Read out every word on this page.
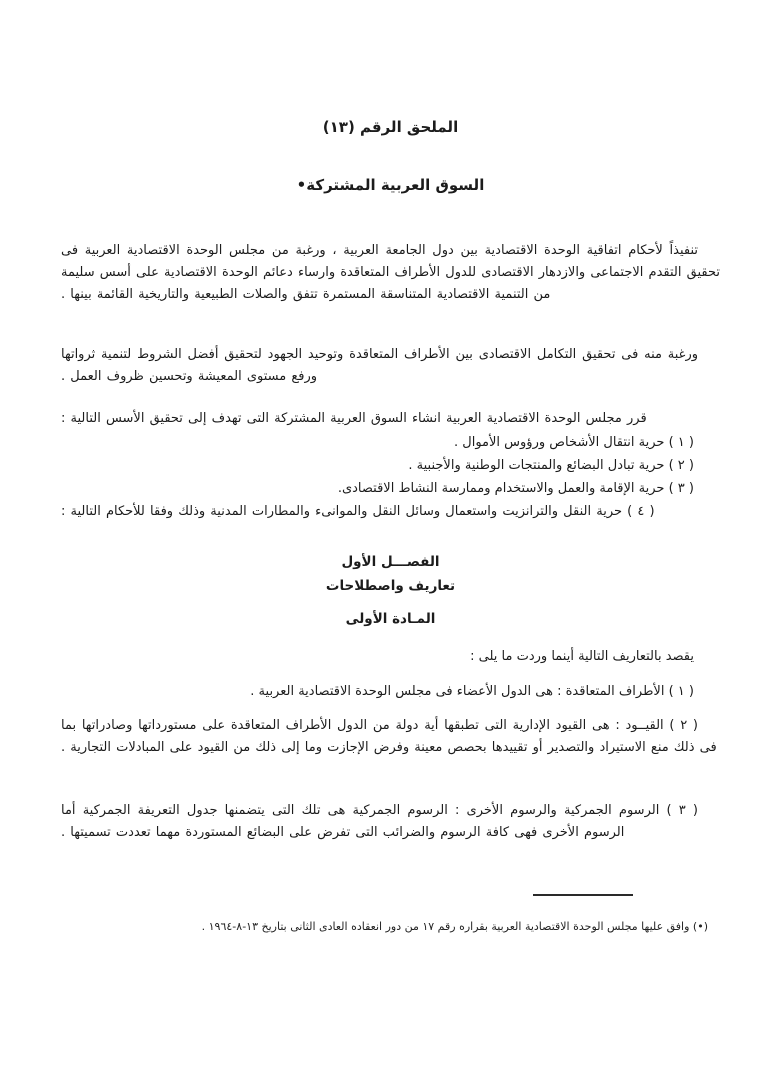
الملحق الرقم (١٣)
السوق العربية المشتركة•
تنفيذاً لأحكام اتفاقية الوحدة الاقتصادية بين دول الجامعة العربية ، ورغبة من مجلس الوحدة الاقتصادية العربية فى تحقيق التقدم الاجتماعى والازدهار الاقتصادى للدول الأطراف المتعاقدة وارساء دعائم الوحدة الاقتصادية على أسس سليمة من التنمية الاقتصادية المتناسقة المستمرة تتفق والصلات الطبيعية والتاريخية القائمة بينها .
ورغبة منه فى تحقيق التكامل الاقتصادى بين الأطراف المتعاقدة وتوحيد الجهود لتحقيق أفضل الشروط لتنمية ثرواتها ورفع مستوى المعيشة وتحسين ظروف العمل .
قرر مجلس الوحدة الاقتصادية العربية انشاء السوق العربية المشتركة التى تهدف إلى تحقيق الأسس التالية :
( ١ ) حرية انتقال الأشخاص ورؤوس الأموال .
( ٢ ) حرية تبادل البضائع والمنتجات الوطنية والأجنبية .
( ٣ ) حرية الإقامة والعمل والاستخدام وممارسة النشاط الاقتصادى.
( ٤ ) حرية النقل والترانزيت واستعمال وسائل النقل والموانىء والمطارات المدنية وذلك وفقا للأحكام التالية :
الفصـــل الأول
تعاريف واصطلاحات
المـادة الأولى
يقصد بالتعاريف التالية أينما وردت ما يلى :
( ١ ) الأطراف المتعاقدة : هى الدول الأعضاء فى مجلس الوحدة الاقتصادية العربية .
( ٢ ) القيــود : هى القيود الإدارية التى تطبقها أية دولة من الدول الأطراف المتعاقدة على مستورداتها وصادراتها بما فى ذلك منع الاستيراد والتصدير أو تقييدها بحصص معينة وفرض الإجازت وما إلى ذلك من القيود على المبادلات التجارية .
( ٣ ) الرسوم الجمركية والرسوم الأخرى : الرسوم الجمركية هى تلك التى يتضمنها جدول التعريفة الجمركية أما الرسوم الأخرى فهى كافة الرسوم والضرائب التى تفرض على البضائع المستوردة مهما تعددت تسميتها .
(•) وافق عليها مجلس الوحدة الاقتصادية العربية بقراره رقم ١٧ من دور انعقاده العادى الثانى بتاريخ ١٣-٨-١٩٦٤ .
